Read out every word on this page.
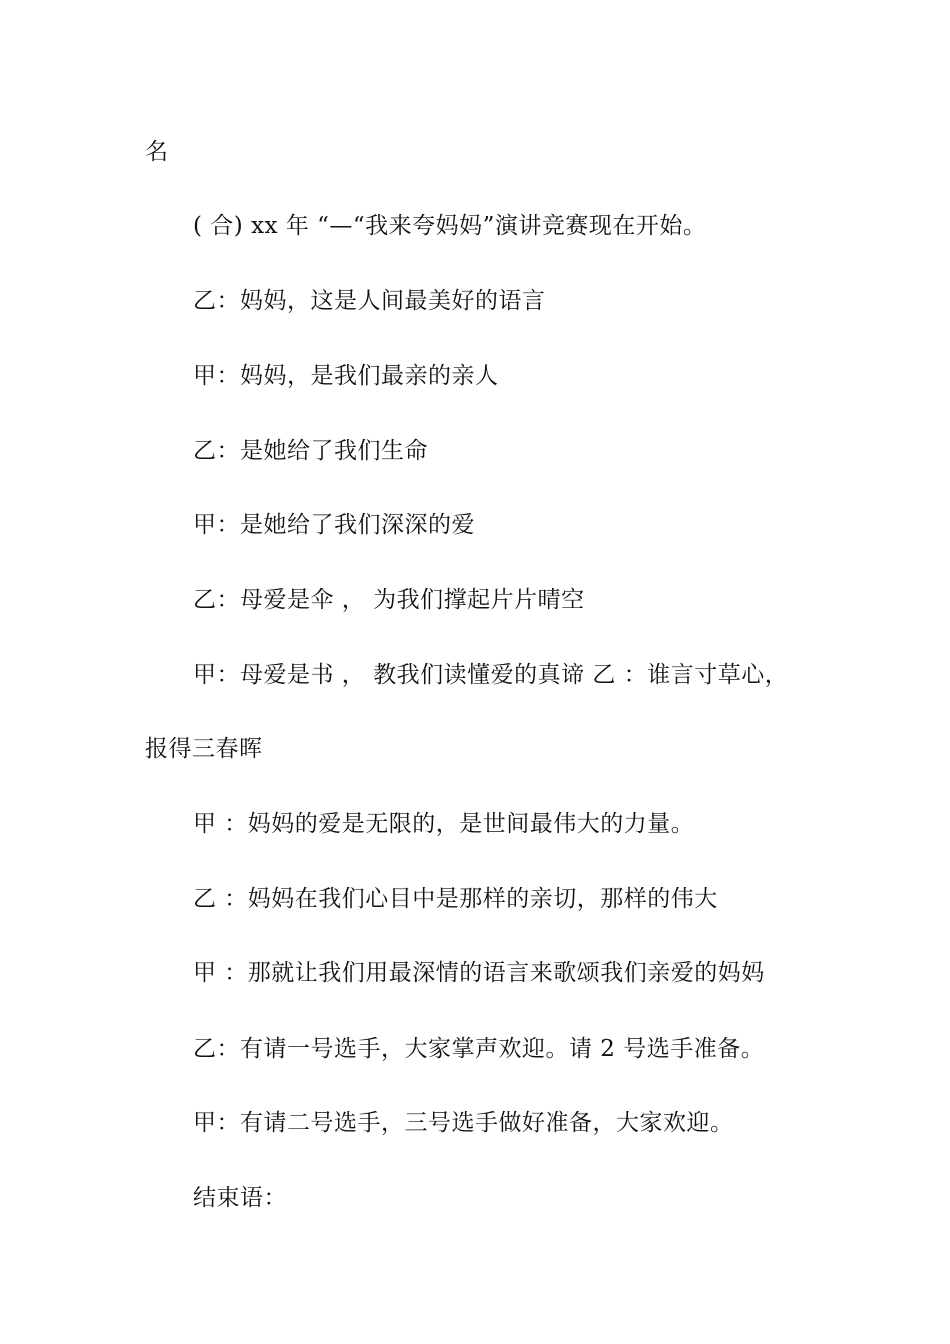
名
( 合) xx 年 “—“我来夸妈妈”演讲竞赛现在开始。
乙：妈妈，这是人间最美好的语言
甲：妈妈，是我们最亲的亲人
乙：是她给了我们生命
甲：是她给了我们深深的爱
乙：母爱是伞 ， 为我们撑起片片晴空
甲：母爱是书 ， 教我们读懂爱的真谛 乙 ：谁言寸草心，
报得三春晖
甲 ：妈妈的爱是无限的，是世间最伟大的力量。
乙 ：妈妈在我们心目中是那样的亲切，那样的伟大
甲 ：那就让我们用最深情的语言来歌颂我们亲爱的妈妈
乙：有请一号选手，大家掌声欢迎。请 2 号选手准备。
甲：有请二号选手，三号选手做好准备，大家欢迎。
结束语：
